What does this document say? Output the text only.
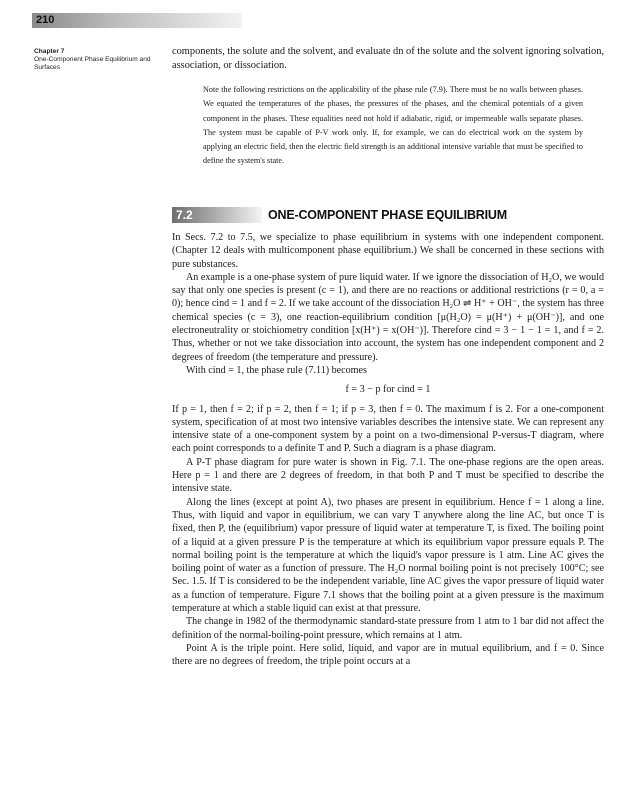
210
Chapter 7
One-Component Phase Equilibrium and Surfaces

components, the solute and the solvent, and evaluate dn of the solute and the solvent ignoring solvation, association, or dissociation.

Note the following restrictions on the applicability of the phase rule (7.9). There must be no walls between phases. We equated the temperatures of the phases, the pressures of the phases, and the chemical potentials of a given component in the phases. These equalities need not hold if adiabatic, rigid, or impermeable walls separate phases. The system must be capable of P-V work only. If, for example, we can do electrical work on the system by applying an electric field, then the electric field strength is an additional intensive variable that must be specified to define the system's state.

7.2	ONE-COMPONENT PHASE EQUILIBRIUM

In Secs. 7.2 to 7.5, we specialize to phase equilibrium in systems with one independent component. (Chapter 12 deals with multicomponent phase equilibrium.) We shall be concerned in these sections with pure substances.

An example is a one-phase system of pure liquid water. If we ignore the dissociation of H₂O, we would say that only one species is present (c = 1), and there are no reactions or additional restrictions (r = 0, a = 0); hence cind = 1 and f = 2. If we take account of the dissociation H₂O ⇌ H⁺ + OH⁻, the system has three chemical species (c = 3), one reaction-equilibrium condition [μ(H₂O) = μ(H⁺) + μ(OH⁻)], and one electroneutrality or stoichiometry condition [x(H⁺) = x(OH⁻)]. Therefore cind = 3 − 1 − 1 = 1, and f = 2. Thus, whether or not we take dissociation into account, the system has one independent component and 2 degrees of freedom (the temperature and pressure).

With cind = 1, the phase rule (7.11) becomes

f = 3 − p for cind = 1

If p = 1, then f = 2; if p = 2, then f = 1; if p = 3, then f = 0. The maximum f is 2. For a one-component system, specification of at most two intensive variables describes the intensive state. We can represent any intensive state of a one-component system by a point on a two-dimensional P-versus-T diagram, where each point corresponds to a definite T and P. Such a diagram is a phase diagram.

A P-T phase diagram for pure water is shown in Fig. 7.1. The one-phase regions are the open areas. Here p = 1 and there are 2 degrees of freedom, in that both P and T must be specified to describe the intensive state.

Along the lines (except at point A), two phases are present in equilibrium. Hence f = 1 along a line. Thus, with liquid and vapor in equilibrium, we can vary T anywhere along the line AC, but once T is fixed, then P, the (equilibrium) vapor pressure of liquid water at temperature T, is fixed. The boiling point of a liquid at a given pressure P is the temperature at which its equilibrium vapor pressure equals P. The normal boiling point is the temperature at which the liquid's vapor pressure is 1 atm. Line AC gives the boiling point of water as a function of pressure. The H₂O normal boiling point is not precisely 100°C; see Sec. 1.5. If T is considered to be the independent variable, line AC gives the vapor pressure of liquid water as a function of temperature. Figure 7.1 shows that the boiling point at a given pressure is the maximum temperature at which a stable liquid can exist at that pressure.

The change in 1982 of the thermodynamic standard-state pressure from 1 atm to 1 bar did not affect the definition of the normal-boiling-point pressure, which remains at 1 atm.

Point A is the triple point. Here solid, liquid, and vapor are in mutual equilibrium, and f = 0. Since there are no degrees of freedom, the triple point occurs at a
